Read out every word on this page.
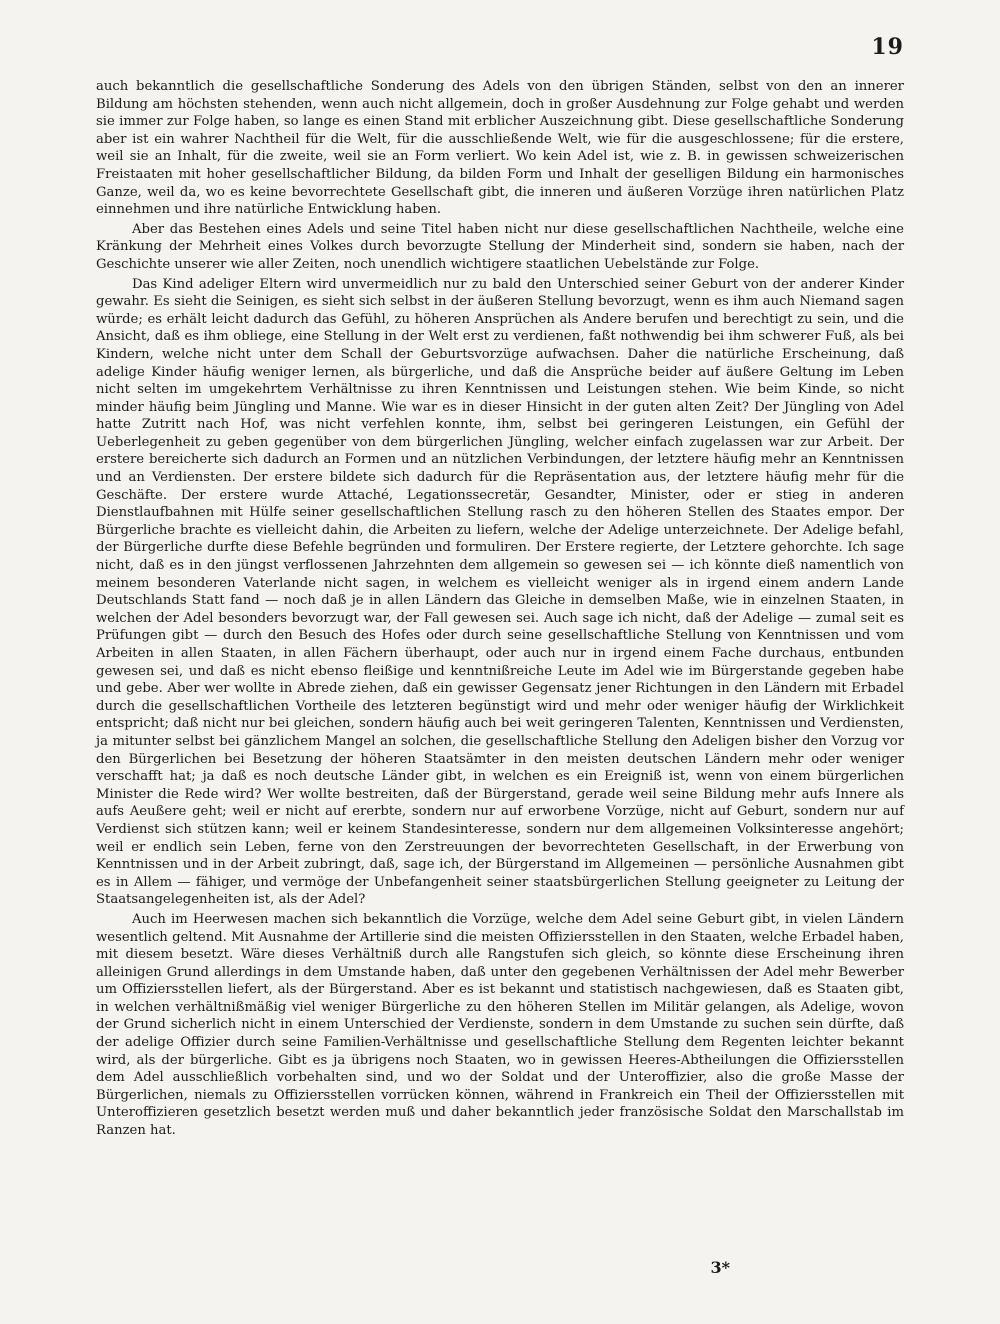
19

auch bekanntlich die gesellschaftliche Sonderung des Adels von den übrigen Ständen, selbst von den an innerer Bildung am höchsten stehenden, wenn auch nicht allgemein, doch in großer Ausdehnung zur Folge gehabt und werden sie immer zur Folge haben, so lange es einen Stand mit erblicher Auszeichnung gibt. Diese gesellschaftliche Sonderung aber ist ein wahrer Nachtheil für die Welt, für die ausschließende Welt, wie für die ausgeschlossene; für die erstere, weil sie an Inhalt, für die zweite, weil sie an Form verliert. Wo kein Adel ist, wie z. B. in gewissen schweizerischen Freistaaten mit hoher gesellschaftlicher Bildung, da bilden Form und Inhalt der geselligen Bildung ein harmonisches Ganze, weil da, wo es keine bevorrechtete Gesellschaft gibt, die inneren und äußeren Vorzüge ihren natürlichen Platz einnehmen und ihre natürliche Entwicklung haben.

Aber das Bestehen eines Adels und seine Titel haben nicht nur diese gesellschaftlichen Nachtheile, welche eine Kränkung der Mehrheit eines Volkes durch bevorzugte Stellung der Minderheit sind, sondern sie haben, nach der Geschichte unserer wie aller Zeiten, noch unendlich wichtigere staatlichen Uebelstände zur Folge.

Das Kind adeliger Eltern wird unvermeidlich nur zu bald den Unterschied seiner Geburt von der anderer Kinder gewahr. Es sieht die Seinigen, es sieht sich selbst in der äußeren Stellung bevorzugt, wenn es ihm auch Niemand sagen würde; es erhält leicht dadurch das Gefühl, zu höheren Ansprüchen als Andere berufen und berechtigt zu sein, und die Ansicht, daß es ihm obliege, eine Stellung in der Welt erst zu verdienen, faßt nothwendig bei ihm schwerer Fuß, als bei Kindern, welche nicht unter dem Schall der Geburtsvorzüge aufwachsen. Daher die natürliche Erscheinung, daß adelige Kinder häufig weniger lernen, als bürgerliche, und daß die Ansprüche beider auf äußere Geltung im Leben nicht selten im umgekehrtem Verhältnisse zu ihren Kenntnissen und Leistungen stehen. Wie beim Kinde, so nicht minder häufig beim Jüngling und Manne. Wie war es in dieser Hinsicht in der guten alten Zeit? Der Jüngling von Adel hatte Zutritt nach Hof, was nicht verfehlen konnte, ihm, selbst bei geringeren Leistungen, ein Gefühl der Ueberlegenheit zu geben gegenüber von dem bürgerlichen Jüngling, welcher einfach zugelassen war zur Arbeit. Der erstere bereicherte sich dadurch an Formen und an nützlichen Verbindungen, der letztere häufig mehr an Kenntnissen und an Verdiensten. Der erstere bildete sich dadurch für die Repräsentation aus, der letztere häufig mehr für die Geschäfte. Der erstere wurde Attaché, Legationssecretär, Gesandter, Minister, oder er stieg in anderen Dienstlaufbahnen mit Hülfe seiner gesellschaftlichen Stellung rasch zu den höheren Stellen des Staates empor. Der Bürgerliche brachte es vielleicht dahin, die Arbeiten zu liefern, welche der Adelige unterzeichnete. Der Adelige befahl, der Bürgerliche durfte diese Befehle begründen und formuliren. Der Erstere regierte, der Letztere gehorchte. Ich sage nicht, daß es in den jüngst verflossenen Jahrzehnten dem allgemein so gewesen sei — ich könnte dieß namentlich von meinem besonderen Vaterlande nicht sagen, in welchem es vielleicht weniger als in irgend einem andern Lande Deutschlands Statt fand — noch daß je in allen Ländern das Gleiche in demselben Maße, wie in einzelnen Staaten, in welchen der Adel besonders bevorzugt war, der Fall gewesen sei. Auch sage ich nicht, daß der Adelige — zumal seit es Prüfungen gibt — durch den Besuch des Hofes oder durch seine gesellschaftliche Stellung von Kenntnissen und vom Arbeiten in allen Staaten, in allen Fächern überhaupt, oder auch nur in irgend einem Fache durchaus, entbunden gewesen sei, und daß es nicht ebenso fleißige und kenntnißreiche Leute im Adel wie im Bürgerstande gegeben habe und gebe. Aber wer wollte in Abrede ziehen, daß ein gewisser Gegensatz jener Richtungen in den Ländern mit Erbadel durch die gesellschaftlichen Vortheile des letzteren begünstigt wird und mehr oder weniger häufig der Wirklichkeit entspricht; daß nicht nur bei gleichen, sondern häufig auch bei weit geringeren Talenten, Kenntnissen und Verdiensten, ja mitunter selbst bei gänzlichem Mangel an solchen, die gesellschaftliche Stellung den Adeligen bisher den Vorzug vor den Bürgerlichen bei Besetzung der höheren Staatsämter in den meisten deutschen Ländern mehr oder weniger verschafft hat; ja daß es noch deutsche Länder gibt, in welchen es ein Ereigniß ist, wenn von einem bürgerlichen Minister die Rede wird? Wer wollte bestreiten, daß der Bürgerstand, gerade weil seine Bildung mehr aufs Innere als aufs Aeußere geht; weil er nicht auf ererbte, sondern nur auf erworbene Vorzüge, nicht auf Geburt, sondern nur auf Verdienst sich stützen kann; weil er keinem Standesinteresse, sondern nur dem allgemeinen Volksinteresse angehört; weil er endlich sein Leben, ferne von den Zerstreuungen der bevorrechteten Gesellschaft, in der Erwerbung von Kenntnissen und in der Arbeit zubringt, daß, sage ich, der Bürgerstand im Allgemeinen — persönliche Ausnahmen gibt es in Allem — fähiger, und vermöge der Unbefangenheit seiner staatsbürgerlichen Stellung geeigneter zu Leitung der Staatsangelegenheiten ist, als der Adel?

Auch im Heerwesen machen sich bekanntlich die Vorzüge, welche dem Adel seine Geburt gibt, in vielen Ländern wesentlich geltend. Mit Ausnahme der Artillerie sind die meisten Offiziersstellen in den Staaten, welche Erbadel haben, mit diesem besetzt. Wäre dieses Verhältniß durch alle Rangstufen sich gleich, so könnte diese Erscheinung ihren alleinigen Grund allerdings in dem Umstande haben, daß unter den gegebenen Verhältnissen der Adel mehr Bewerber um Offiziersstellen liefert, als der Bürgerstand. Aber es ist bekannt und statistisch nachgewiesen, daß es Staaten gibt, in welchen verhältnißmäßig viel weniger Bürgerliche zu den höheren Stellen im Militär gelangen, als Adelige, wovon der Grund sicherlich nicht in einem Unterschied der Verdienste, sondern in dem Umstande zu suchen sein dürfte, daß der adelige Offizier durch seine Familien-Verhältnisse und gesellschaftliche Stellung dem Regenten leichter bekannt wird, als der bürgerliche. Gibt es ja übrigens noch Staaten, wo in gewissen Heeres-Abtheilungen die Offiziersstellen dem Adel ausschließlich vorbehalten sind, und wo der Soldat und der Unteroffizier, also die große Masse der Bürgerlichen, niemals zu Offiziersstellen vorrücken können, während in Frankreich ein Theil der Offiziersstellen mit Unteroffizieren gesetzlich besetzt werden muß und daher bekanntlich jeder französische Soldat den Marschallstab im Ranzen hat.

3*
